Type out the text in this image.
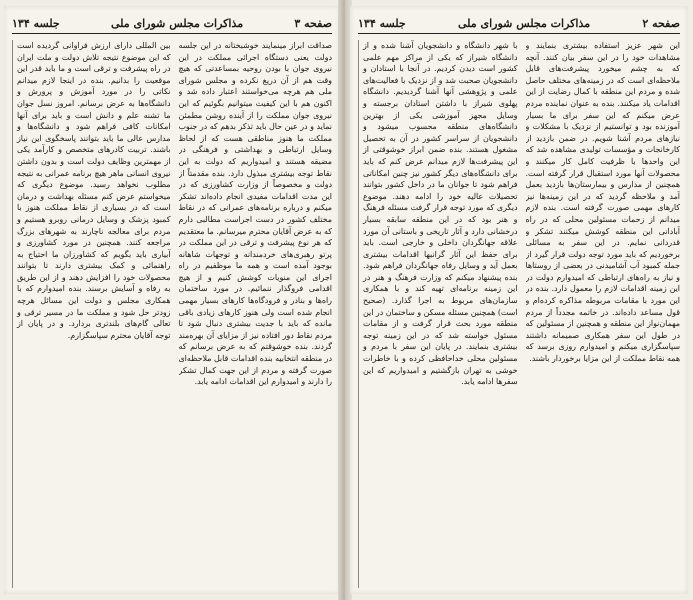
صفحه ۳
مذاکرات مجلس شورای ملی
جلسه ۱۳۴

صداقت ابراز مینمایند خوشبختانه در این جلسه دولت یعنی دستگاه اجرائی مملکت در این نیروی جوان با بودن روحیه بمساعدتی که هیچ وقت هم از آن دریغ نکرده و مجلس شورای ملی هم هرچه می‌خواستند اعتبار داده شد و اکنون هم با این کیفیت میتوانیم بگوئیم که این نیروی جوان مملکت را از آینده روشن مطمئن نماید و در عین حال باید تذکر بدهم که در جنوب مملکت ما هنوز مناطقی هست که از لحاظ وسایل ارتباطی و بهداشتی و فرهنگی در مضیقه هستند و امیدواریم که دولت به این نقاط توجه بیشتری مبذول دارد. بنده مقدمتاً از دولت و مخصوصاً از وزارت کشاورزی که در این مدت اقدامات مفیدی انجام داده‌اند تشکر میکنم و درباره برنامه‌های عمرانی که در نقاط مختلف کشور در دست اجراست مطالبی دارم که به عرض آقایان محترم میرسانم. ما معتقدیم که هر نوع پیشرفت و ترقی در این مملکت در پرتو رهبری‌های خردمندانه و توجهات شاهانه بوجود آمده است و همه ما موظفیم در راه اجرای این منویات کوشش کنیم و از هیچ اقدامی فروگذار ننمائیم. در مورد ساختمان راه‌ها و بنادر و فرودگاه‌ها کارهای بسیار مهمی انجام شده است ولی هنوز کارهای زیادی باقی مانده که باید با جدیت بیشتری دنبال شود تا مردم نقاط دور افتاده نیز از مزایای آن بهره‌مند گردند. بنده خوشوقتم که به عرض برسانم که در منطقه انتخابیه بنده اقدامات قابل ملاحظه‌ای صورت گرفته و مردم از این جهت کمال تشکر را دارند و امیدوارم این اقدامات ادامه یابد.

بین المللی دارای ارزش فراوانی گردیده است که این موضوع نتیجه تلاش دولت و ملت ایران در راه پیشرفت و ترقی است و ما باید قدر این موقعیت را بدانیم. بنده در اینجا لازم میدانم نکاتی را در مورد آموزش و پرورش و دانشگاه‌ها به عرض برسانم. امروز نسل جوان ما تشنه علم و دانش است و باید برای آنها امکانات کافی فراهم شود و دانشگاه‌ها و مدارس عالی ما باید بتوانند پاسخگوی این نیاز باشند. تربیت کادرهای متخصص و کارآمد یکی از مهمترین وظایف دولت است و بدون داشتن نیروی انسانی ماهر هیچ برنامه عمرانی به نتیجه مطلوب نخواهد رسید. موضوع دیگری که میخواستم عرض کنم مسئله بهداشت و درمان است که در بسیاری از نقاط مملکت هنوز با کمبود پزشک و وسایل درمانی روبرو هستیم و مردم برای معالجه ناچارند به شهرهای بزرگ مراجعه کنند. همچنین در مورد کشاورزی و آبیاری باید بگویم که کشاورزان ما احتیاج به راهنمائی و کمک بیشتری دارند تا بتوانند محصولات خود را افزایش دهند و از این طریق به رفاه و آسایش برسند. بنده امیدوارم که با همکاری مجلس و دولت این مسائل هرچه زودتر حل شود و مملکت ما در مسیر ترقی و تعالی گام‌های بلندتری بردارد. و در پایان از توجه آقایان محترم سپاسگزارم.

صفحه ۲
مذاکرات مجلس شورای ملی
جلسه ۱۳۴

این شهر عزیز استفاده بیشتری بنمایند و مشاهدات خود را در این سفر بیان کنند. آنچه که به چشم میخورد پیشرفت‌های قابل ملاحظه‌ای است که در زمینه‌های مختلف حاصل شده و مردم این منطقه با کمال رضایت از این اقدامات یاد میکنند. بنده به عنوان نماینده مردم عرض میکنم که این سفر برای ما بسیار آموزنده بود و توانستیم از نزدیک با مشکلات و نیازهای مردم آشنا شویم. در ضمن بازدید از کارخانجات و مؤسسات تولیدی مشاهده شد که این واحدها با ظرفیت کامل کار میکنند و محصولات آنها مورد استقبال قرار گرفته است. همچنین از مدارس و بیمارستان‌ها بازدید بعمل آمد و ملاحظه گردید که در این زمینه‌ها نیز کارهای مهمی صورت گرفته است. بنده لازم میدانم از زحمات مسئولین محلی که در راه آبادانی این منطقه کوشش میکنند تشکر و قدردانی نمایم. در این سفر به مسائلی برخوردیم که باید مورد توجه دولت قرار گیرد از جمله کمبود آب آشامیدنی در بعضی از روستاها و نیاز به راه‌های ارتباطی که امیدوارم دولت در این زمینه اقدامات لازم را معمول دارد. بنده در این مورد با مقامات مربوطه مذاکره کرده‌ام و قول مساعد داده‌اند. در خاتمه مجدداً از مردم مهمان‌نواز این منطقه و همچنین از مسئولین که در طول این سفر همکاری صمیمانه داشتند سپاسگزاری میکنم و امیدوارم روزی برسد که همه نقاط مملکت از این مزایا برخوردار باشند.

با شهر دانشگاه و دانشجویان آشنا شده و از دانشگاه شیراز که یکی از مراکز مهم علمی کشور است دیدن کردیم. در آنجا با استادان و دانشجویان صحبت شد و از نزدیک با فعالیت‌های علمی و پژوهشی آنها آشنا گردیدیم. دانشگاه پهلوی شیراز با داشتن استادان برجسته و وسایل مجهز آموزشی یکی از بهترین دانشگاه‌های منطقه محسوب میشود و دانشجویان از سراسر کشور در آن به تحصیل مشغول هستند. بنده ضمن ابراز خوشوقتی از این پیشرفت‌ها لازم میدانم عرض کنم که باید برای دانشگاه‌های دیگر کشور نیز چنین امکاناتی فراهم شود تا جوانان ما در داخل کشور بتوانند تحصیلات عالیه خود را ادامه دهند. موضوع دیگری که مورد توجه قرار گرفت مسئله فرهنگ و هنر بود که در این منطقه سابقه بسیار درخشانی دارد و آثار تاریخی و باستانی آن مورد علاقه جهانگردان داخلی و خارجی است. باید برای حفظ این آثار گرانبها اقدامات بیشتری بعمل آید و وسایل رفاه جهانگردان فراهم شود. بنده پیشنهاد میکنم که وزارت فرهنگ و هنر در این زمینه برنامه‌ای تهیه کند و با همکاری سازمان‌های مربوط به اجرا گذارد. (صحیح است) همچنین مسئله مسکن و ساختمان در این منطقه مورد بحث قرار گرفت و از مقامات مسئول خواسته شد که در این زمینه توجه بیشتری بنمایند. در پایان این سفر با مردم و مسئولین محلی خداحافظی کرده و با خاطرات خوشی به تهران بازگشتیم و امیدواریم که این سفرها ادامه یابد.
